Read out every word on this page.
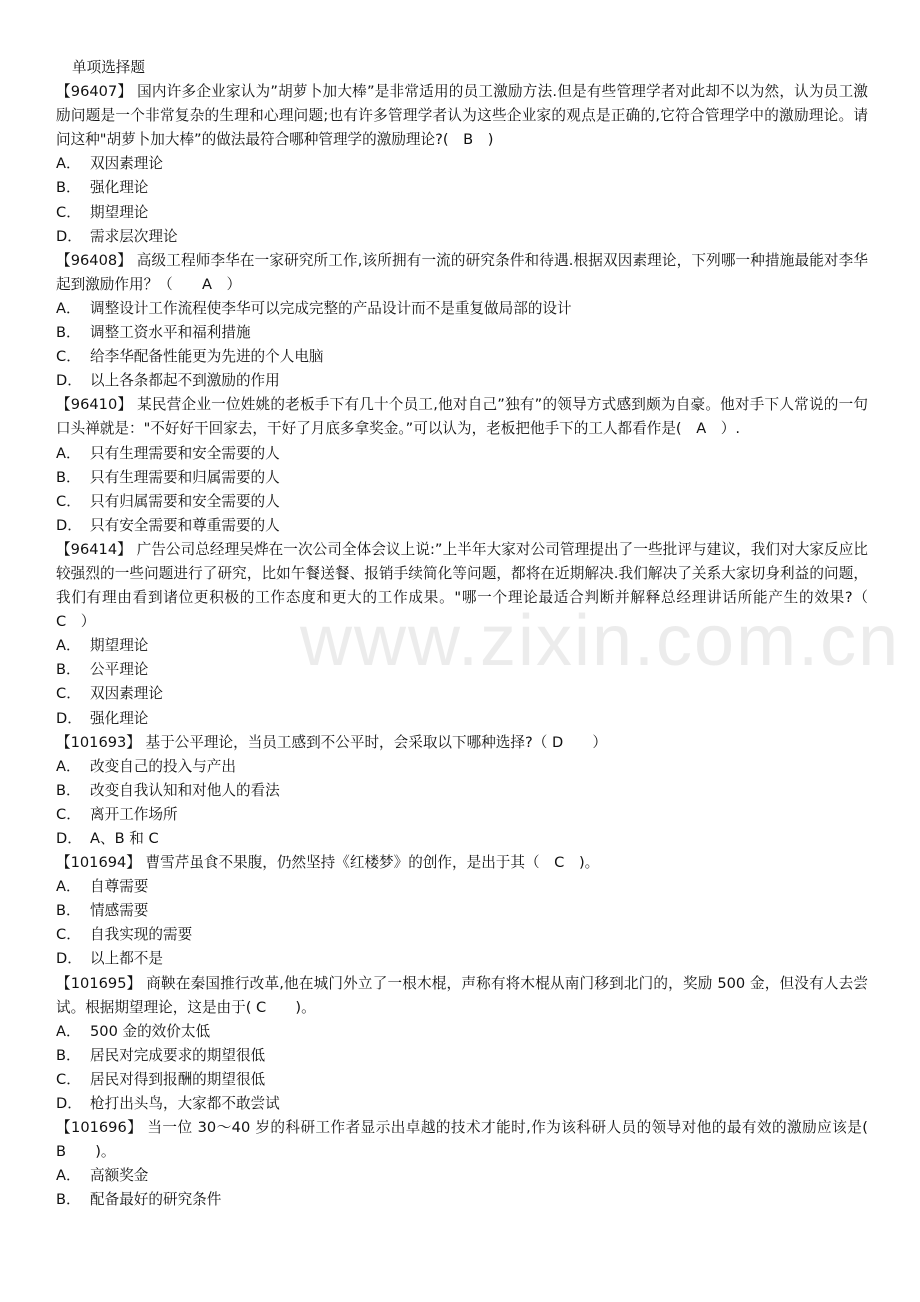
www.zixin.com.cn

单项选择题

【96407】 国内许多企业家认为”胡萝卜加大棒”是非常适用的员工激励方法.但是有些管理学者对此却不以为然，认为员工激励问题是一个非常复杂的生理和心理问题;也有许多管理学者认为这些企业家的观点是正确的,它符合管理学中的激励理论。请问这种"胡萝卜加大棒”的做法最符合哪种管理学的激励理论?(　B　)

A． 双因素理论

B． 强化理论

C． 期望理论

D． 需求层次理论

【96408】 高级工程师李华在一家研究所工作,该所拥有一流的研究条件和待遇.根据双因素理论，下列哪一种措施最能对李华起到激励作用？（　　A　）

A． 调整设计工作流程使李华可以完成完整的产品设计而不是重复做局部的设计

B． 调整工资水平和福利措施

C． 给李华配备性能更为先进的个人电脑

D． 以上各条都起不到激励的作用

【96410】 某民营企业一位姓姚的老板手下有几十个员工,他对自己”独有”的领导方式感到颇为自豪。他对手下人常说的一句口头禅就是："不好好干回家去，干好了月底多拿奖金。”可以认为，老板把他手下的工人都看作是(　A　）.

A． 只有生理需要和安全需要的人

B． 只有生理需要和归属需要的人

C． 只有归属需要和安全需要的人

D． 只有安全需要和尊重需要的人

【96414】 广告公司总经理吴烨在一次公司全体会议上说:”上半年大家对公司管理提出了一些批评与建议，我们对大家反应比较强烈的一些问题进行了研究，比如午餐送餐、报销手续简化等问题，都将在近期解决.我们解决了关系大家切身利益的问题，我们有理由看到诸位更积极的工作态度和更大的工作成果。"哪一个理论最适合判断并解释总经理讲话所能产生的效果?（　C　）

A． 期望理论

B． 公平理论

C． 双因素理论

D． 强化理论

【101693】 基于公平理论，当员工感到不公平时，会采取以下哪种选择?（ D　　）

A． 改变自己的投入与产出

B． 改变自我认知和对他人的看法

C． 离开工作场所

D． A、B 和 C

【101694】 曹雪芹虽食不果腹，仍然坚持《红楼梦》的创作，是出于其（　C　)。

A． 自尊需要

B． 情感需要

C． 自我实现的需要

D． 以上都不是

【101695】 商鞅在秦国推行改革,他在城门外立了一根木棍，声称有将木棍从南门移到北门的，奖励 500 金，但没有人去尝试。根据期望理论，这是由于( C　　)。

A． 500 金的效价太低

B． 居民对完成要求的期望很低

C． 居民对得到报酬的期望很低

D． 枪打出头鸟，大家都不敢尝试

【101696】 当一位 30～40 岁的科研工作者显示出卓越的技术才能时,作为该科研人员的领导对他的最有效的激励应该是( B　　)。

A． 高额奖金

B． 配备最好的研究条件
